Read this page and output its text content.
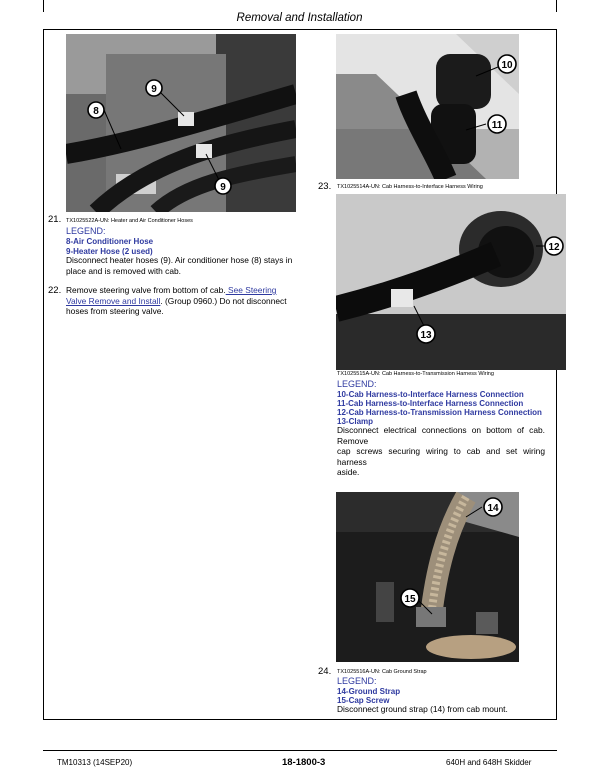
Removal and Installation
8
9
9
21. TX1025522A-UN: Heater and Air Conditioner Hoses
LEGEND:
8-Air Conditioner Hose
9-Heater Hose (2 used)
Disconnect heater hoses (9). Air conditioner hose (8) stays in
place and is removed with cab.
22. Remove steering valve from bottom of cab. See Steering
Valve Remove and Install. (Group 0960.) Do not disconnect
hoses from steering valve.
10
11
23. TX1025514A-UN: Cab Harness-to-Interface Harness Wiring
12
13
TX1025515A-UN: Cab Harness-to-Transmission Harness Wiring
LEGEND:
10-Cab Harness-to-Interface Harness Connection
11-Cab Harness-to-Interface Harness Connection
12-Cab Harness-to-Transmission Harness Connection
13-Clamp
Disconnect electrical connections on bottom of cab. Remove
cap screws securing wiring to cab and set wiring harness
aside.
14
15
24. TX1025516A-UN: Cab Ground Strap
LEGEND:
14-Ground Strap
15-Cap Screw
Disconnect ground strap (14) from cab mount.
TM10313 (14SEP20)	18-1800-3	640H and 648H Skidder
